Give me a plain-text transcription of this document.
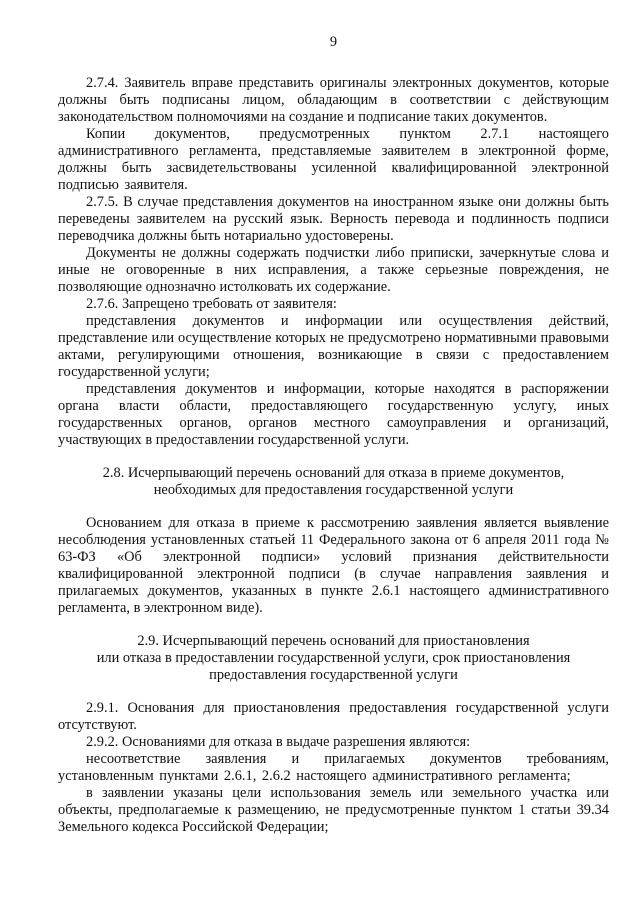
9

2.7.4. Заявитель вправе представить оригиналы электронных документов, которые должны быть подписаны лицом, обладающим в соответствии с действующим законодательством полномочиями на создание и подписание таких документов.

Копии документов, предусмотренных пунктом 2.7.1 настоящего административного регламента, представляемые заявителем в электронной форме, должны быть засвидетельствованы усиленной квалифицированной электронной подписью заявителя.

2.7.5. В случае представления документов на иностранном языке они должны быть переведены заявителем на русский язык. Верность перевода и подлинность подписи переводчика должны быть нотариально удостоверены.

Документы не должны содержать подчистки либо приписки, зачеркнутые слова и иные не оговоренные в них исправления, а также серьезные повреждения, не позволяющие однозначно истолковать их содержание.

2.7.6. Запрещено требовать от заявителя:

представления документов и информации или осуществления действий, представление или осуществление которых не предусмотрено нормативными правовыми актами, регулирующими отношения, возникающие в связи с предоставлением государственной услуги;

представления документов и информации, которые находятся в распоряжении органа власти области, предоставляющего государственную услугу, иных государственных органов, органов местного самоуправления и организаций, участвующих в предоставлении государственной услуги.

2.8. Исчерпывающий перечень оснований для отказа в приеме документов,
необходимых для предоставления государственной услуги

Основанием для отказа в приеме к рассмотрению заявления является выявление несоблюдения установленных статьей 11 Федерального закона от 6 апреля 2011 года № 63-ФЗ «Об электронной подписи» условий признания действительности квалифицированной электронной подписи (в случае направления заявления и прилагаемых документов, указанных в пункте 2.6.1 настоящего административного регламента, в электронном виде).

2.9. Исчерпывающий перечень оснований для приостановления
или отказа в предоставлении государственной услуги, срок приостановления
предоставления государственной услуги

2.9.1. Основания для приостановления предоставления государственной услуги отсутствуют.

2.9.2. Основаниями для отказа в выдаче разрешения являются:

несоответствие заявления и прилагаемых документов требованиям, установленным пунктами 2.6.1, 2.6.2 настоящего административного регламента;

в заявлении указаны цели использования земель или земельного участка или объекты, предполагаемые к размещению, не предусмотренные пунктом 1 статьи 39.34 Земельного кодекса Российской Федерации;
